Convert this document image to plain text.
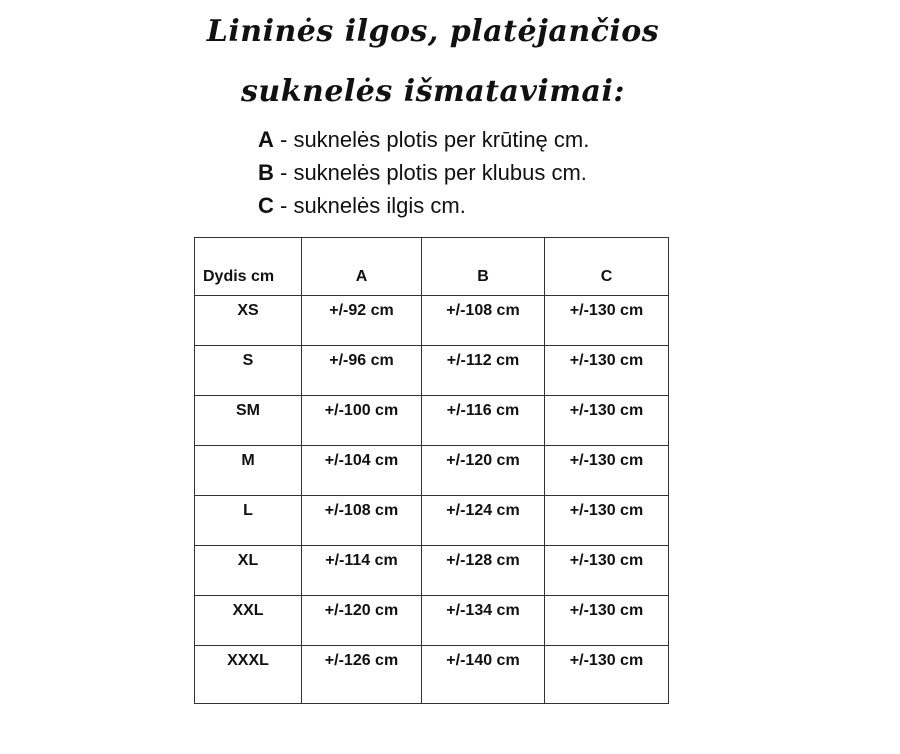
Lininės ilgos, platėjančios
suknelės išmatavimai:
A - suknelės plotis per krūtinę cm.
B - suknelės plotis per klubus cm.
C - suknelės ilgis cm.
Dydis cm	A	B	C
XS	+/-92 cm	+/-108 cm	+/-130 cm
S	+/-96 cm	+/-112 cm	+/-130 cm
SM	+/-100 cm	+/-116 cm	+/-130 cm
M	+/-104 cm	+/-120 cm	+/-130 cm
L	+/-108 cm	+/-124 cm	+/-130 cm
XL	+/-114 cm	+/-128 cm	+/-130 cm
XXL	+/-120 cm	+/-134 cm	+/-130 cm
XXXL	+/-126 cm	+/-140 cm	+/-130 cm
